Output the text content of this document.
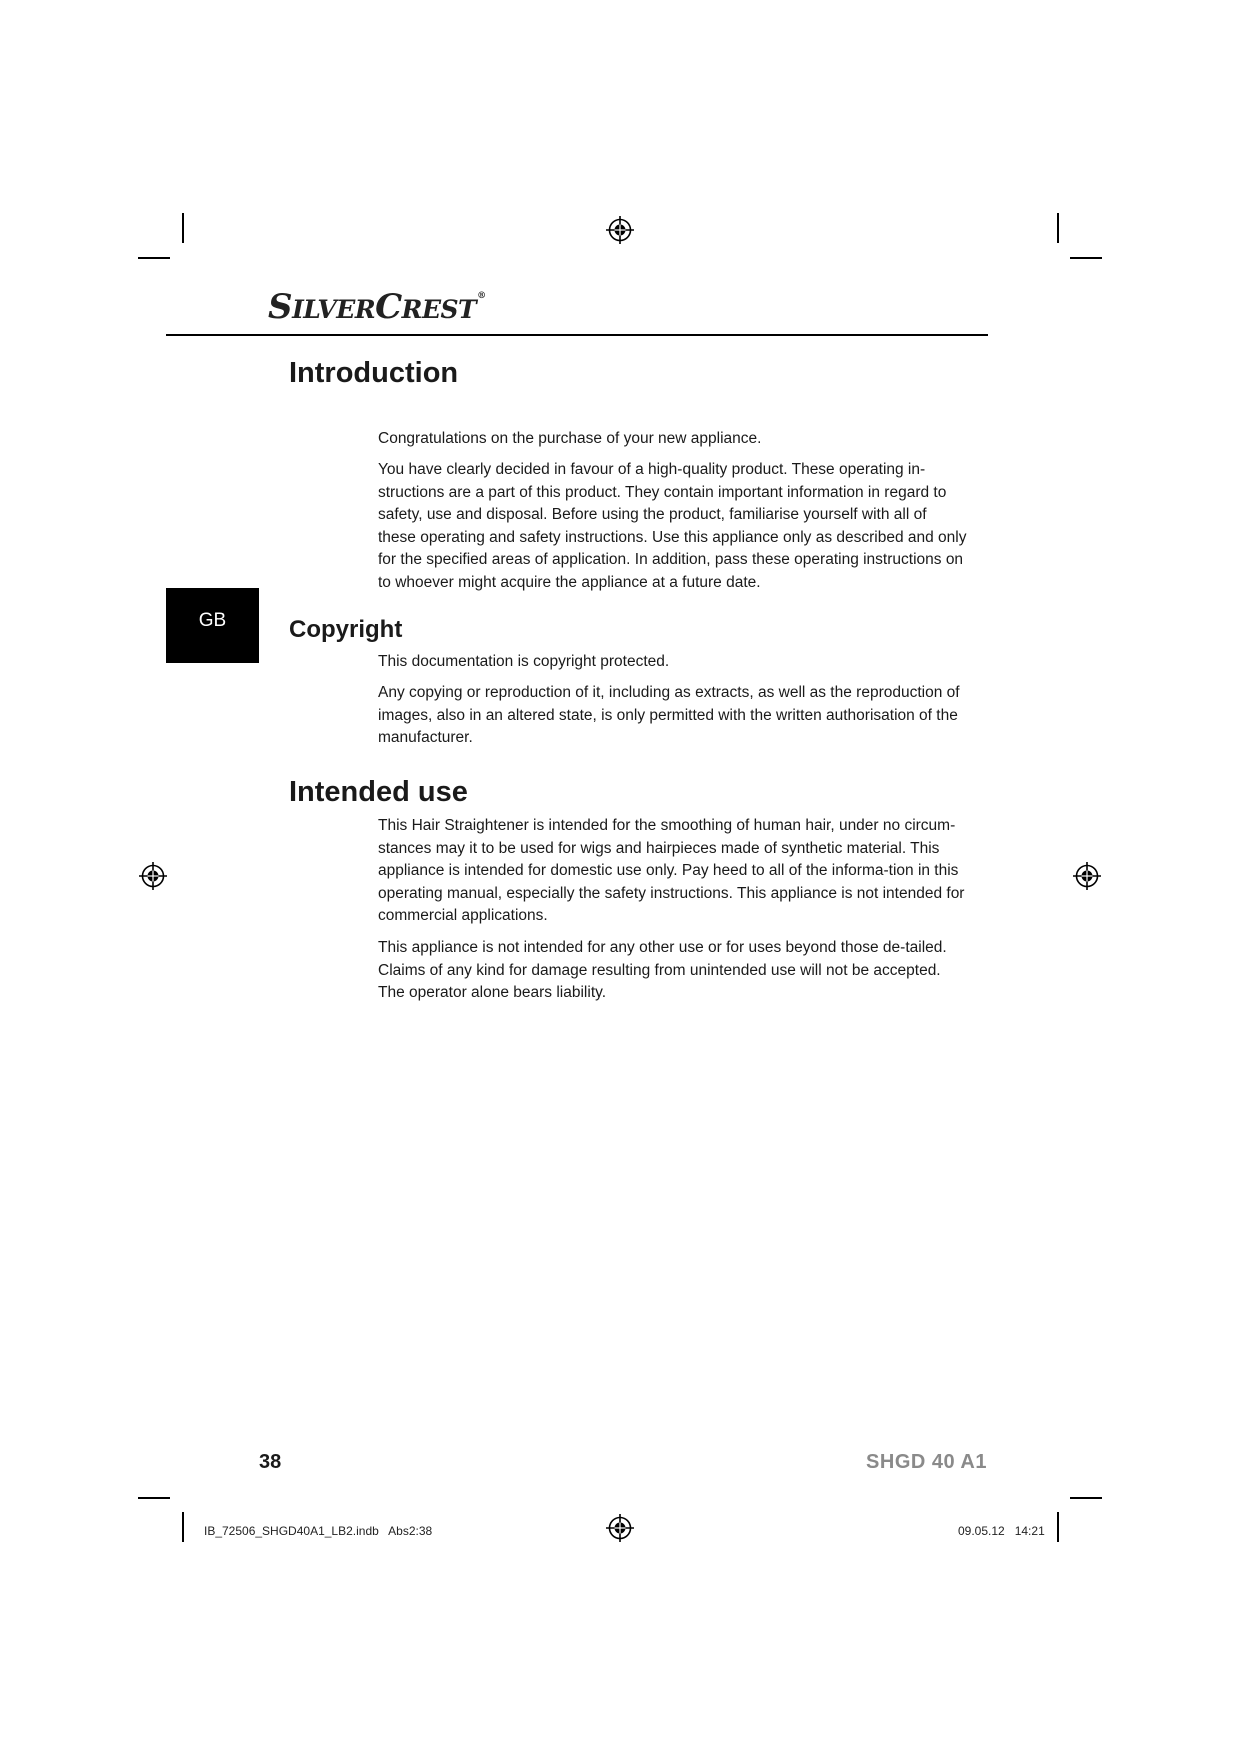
SILVERCREST®
GB
Introduction

Congratulations on the purchase of your new appliance.

You have clearly decided in favour of a high-quality product. These operating in-structions are a part of this product. They contain important information in regard to safety, use and disposal. Before using the product, familiarise yourself with all of these operating and safety instructions. Use this appliance only as described and only for the specified areas of application. In addition, pass these operating instructions on to whoever might acquire the appliance at a future date.

Copyright

This documentation is copyright protected.

Any copying or reproduction of it, including as extracts, as well as the reproduction of images, also in an altered state, is only permitted with the written authorisation of the manufacturer.

Intended use

This Hair Straightener is intended for the smoothing of human hair, under no circum-stances may it to be used for wigs and hairpieces made of synthetic material. This appliance is intended for domestic use only. Pay heed to all of the informa-tion in this operating manual, especially the safety instructions. This appliance is not intended for commercial applications.

This appliance is not intended for any other use or for uses beyond those de-tailed. Claims of any kind for damage resulting from unintended use will not be accepted. The operator alone bears liability.

38	SHGD 40 A1
IB_72506_SHGD40A1_LB2.indb   Abs2:38	09.05.12   14:21
